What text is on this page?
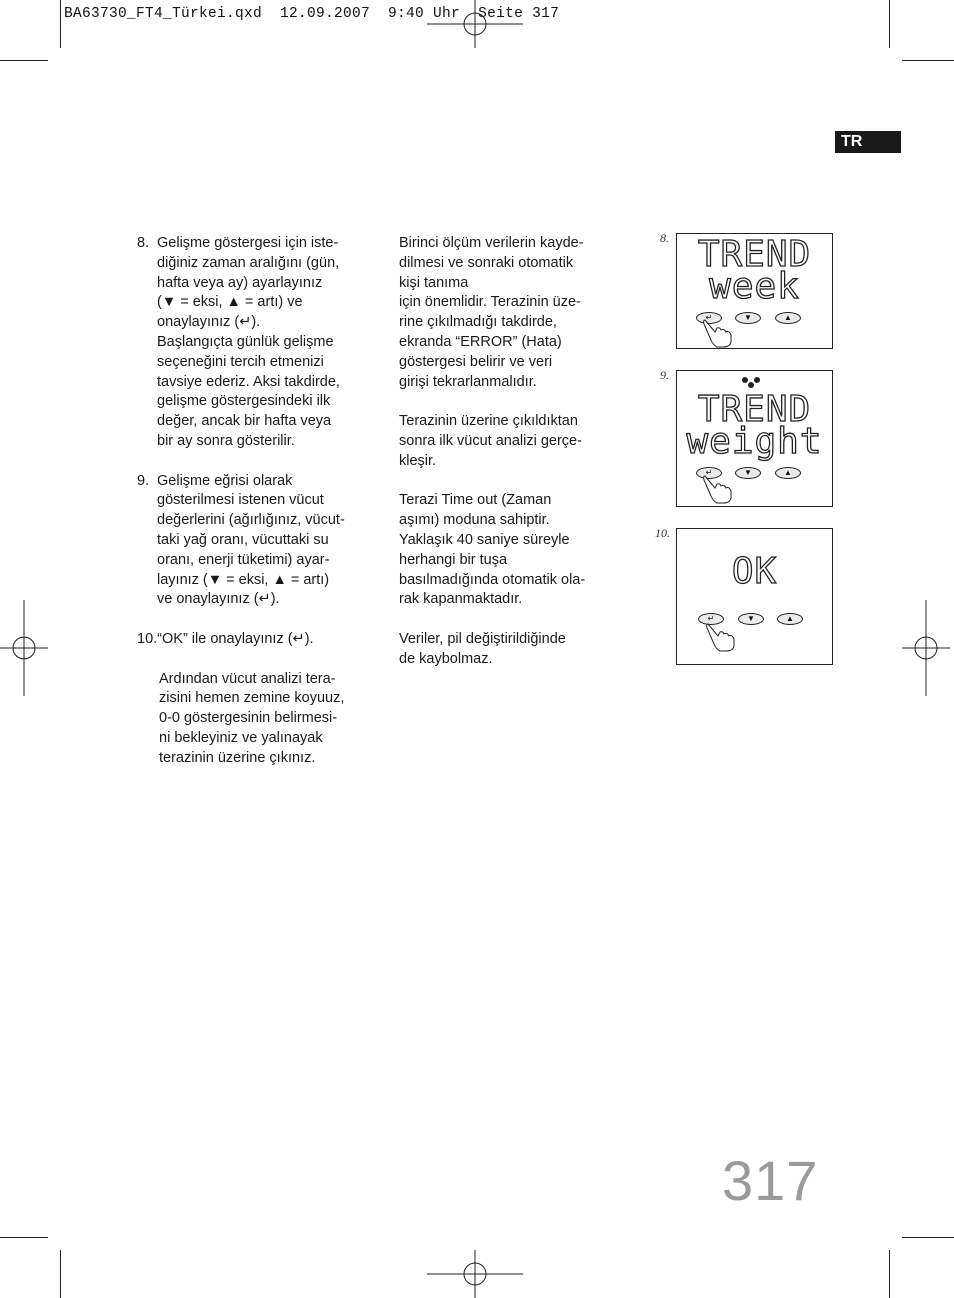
BA63730_FT4_Türkei.qxd  12.09.2007  9:40 Uhr  Seite 317
TR
8. Gelişme göstergesi için iste-

diğiniz zaman aralığını (gün,

hafta veya ay) ayarlayınız

(▼ = eksi, ▲ = artı) ve

onaylayınız (↵).

Başlangıçta günlük gelişme

seçeneğini tercih etmenizi

tavsiye ederiz. Aksi takdirde,

gelişme göstergesindeki ilk

değer, ancak bir hafta veya

bir ay sonra gösterilir.

9. Gelişme eğrisi olarak

gösterilmesi istenen vücut

değerlerini (ağırlığınız, vücut-

taki yağ oranı, vücuttaki su

oranı, enerji tüketimi) ayar-

layınız (▼ = eksi, ▲ = artı)

ve onaylayınız (↵).

10.“OK” ile onaylayınız (↵).

Ardından vücut analizi tera-

zisini hemen zemine koyuuz,

0-0 göstergesinin belirmesi-

ni bekleyiniz ve yalınayak

terazinin üzerine çıkınız.

Birinci ölçüm verilerin kayde-

dilmesi ve sonraki otomatik

kişi tanıma

için önemlidir. Terazinin üze-

rine çıkılmadığı takdirde,

ekranda “ERROR” (Hata)

göstergesi belirir ve veri

girişi tekrarlanmalıdır.

Terazinin üzerine çıkıldıktan

sonra ilk vücut analizi gerçe-

kleşir.

Terazi Time out (Zaman

aşımı) moduna sahiptir.

Yaklaşık 40 saniye süreyle

herhangi bir tuşa

basılmadığında otomatik ola-

rak kapanmaktadır.

Veriler, pil değiştirildiğinde

de kaybolmaz.

8. TREND
week
↵	▼	▲
9.
TREND
weight
↵	▼	▲
10.
OK
↵	▼	▲
317
